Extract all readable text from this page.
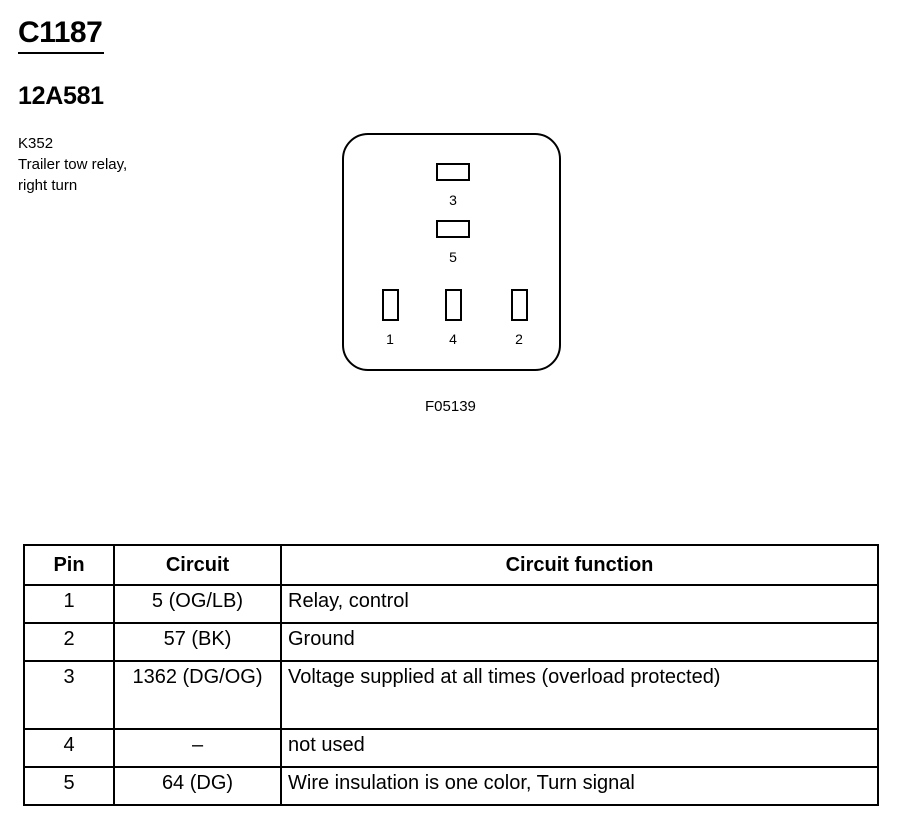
C1187
12A581
K352
Trailer tow relay,
right turn
3
5
1	4	2
F05139
Pin	Circuit	Circuit function
1	5 (OG/LB)	Relay, control
2	57 (BK)	Ground
3	1362 (DG/OG)	Voltage supplied at all times (overload protected)
4	–	not used
5	64 (DG)	Wire insulation is one color, Turn signal
